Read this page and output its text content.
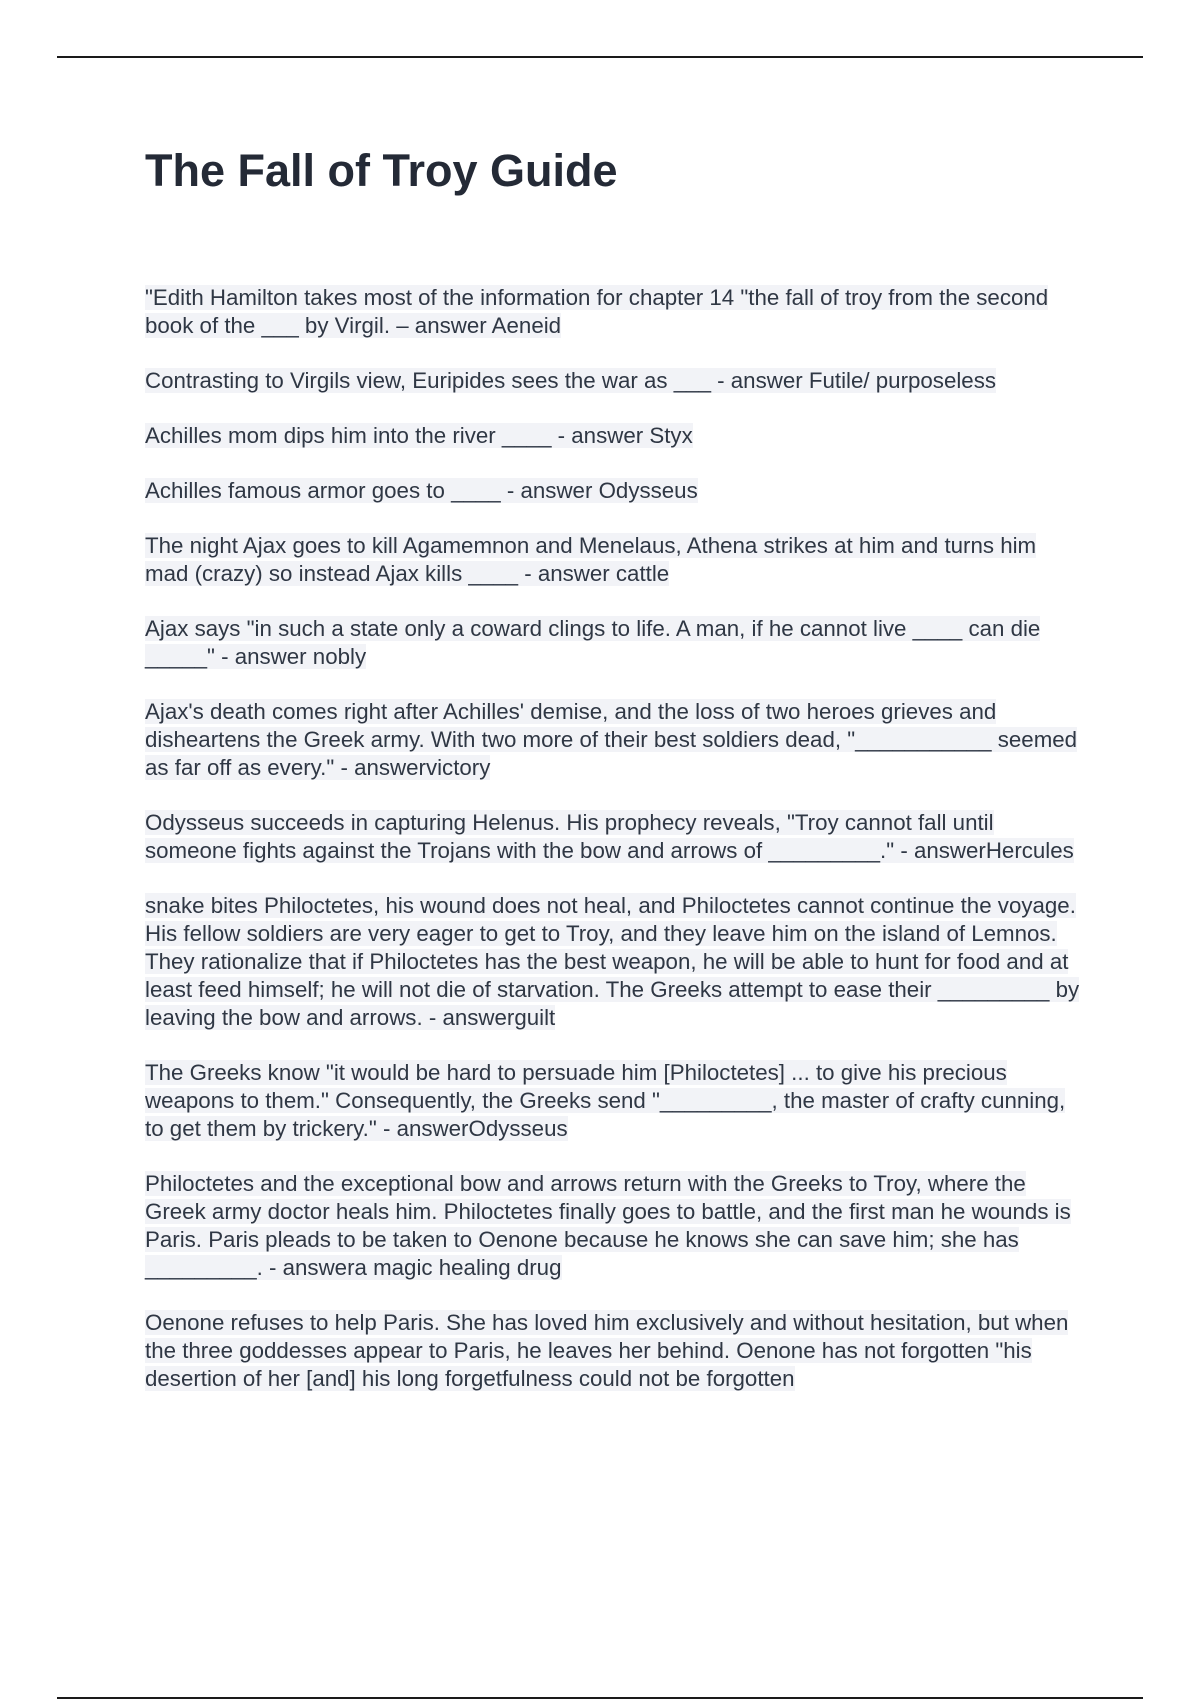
The Fall of Troy Guide

"Edith Hamilton takes most of the information for chapter 14 "the fall of troy from the second book of the ___ by Virgil. – answer Aeneid

Contrasting to Virgils view, Euripides sees the war as ___ - answer Futile/ purposeless

Achilles mom dips him into the river ____ - answer Styx

Achilles famous armor goes to ____ - answer Odysseus

The night Ajax goes to kill Agamemnon and Menelaus, Athena strikes at him and turns him mad (crazy) so instead Ajax kills ____ - answer cattle

Ajax says "in such a state only a coward clings to life. A man, if he cannot live ____ can die _____" - answer nobly

Ajax's death comes right after Achilles' demise, and the loss of two heroes grieves and disheartens the Greek army. With two more of their best soldiers dead, "___________ seemed as far off as every." - answervictory

Odysseus succeeds in capturing Helenus. His prophecy reveals, "Troy cannot fall until someone fights against the Trojans with the bow and arrows of _________." - answerHercules

snake bites Philoctetes, his wound does not heal, and Philoctetes cannot continue the voyage. His fellow soldiers are very eager to get to Troy, and they leave him on the island of Lemnos. They rationalize that if Philoctetes has the best weapon, he will be able to hunt for food and at least feed himself; he will not die of starvation. The Greeks attempt to ease their _________ by leaving the bow and arrows. - answerguilt

The Greeks know "it would be hard to persuade him [Philoctetes] ... to give his precious weapons to them." Consequently, the Greeks send "_________, the master of crafty cunning, to get them by trickery." - answerOdysseus

Philoctetes and the exceptional bow and arrows return with the Greeks to Troy, where the Greek army doctor heals him. Philoctetes finally goes to battle, and the first man he wounds is Paris. Paris pleads to be taken to Oenone because he knows she can save him; she has _________. - answera magic healing drug

Oenone refuses to help Paris. She has loved him exclusively and without hesitation, but when the three goddesses appear to Paris, he leaves her behind. Oenone has not forgotten "his desertion of her [and] his long forgetfulness could not be forgotten
